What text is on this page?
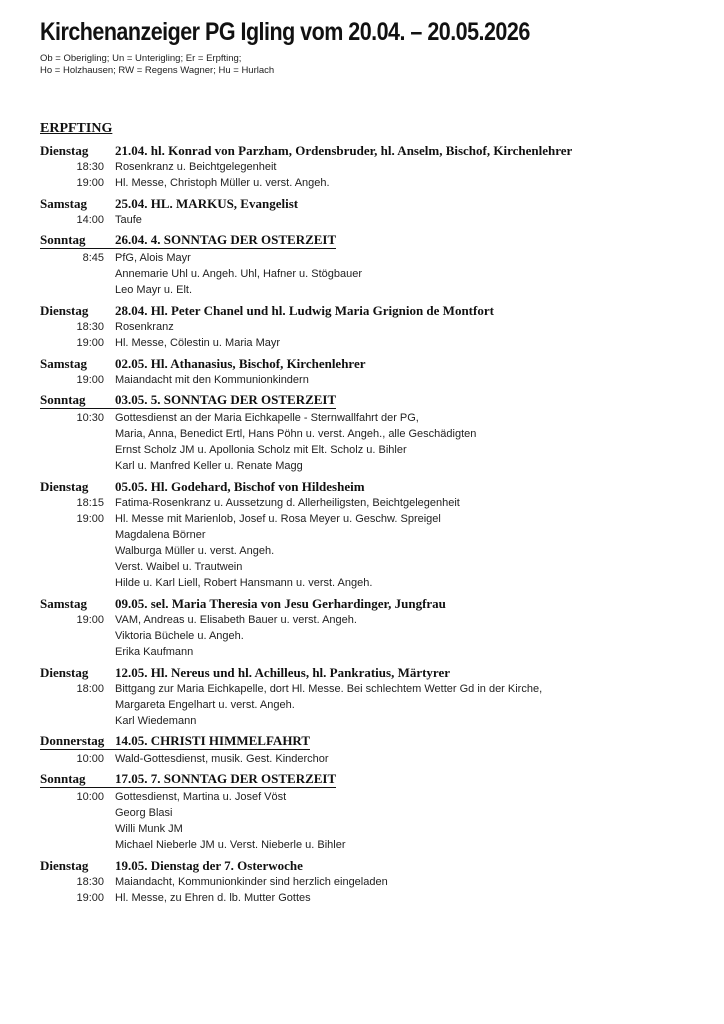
Kirchenanzeiger PG Igling vom 20.04. – 20.05.2026
Ob = Oberigling; Un = Unterigling; Er = Erpfting;
Ho = Holzhausen; RW = Regens Wagner; Hu = Hurlach
ERPFTING
Dienstag 21.04. hl. Konrad von Parzham, Ordensbruder, hl. Anselm, Bischof, Kirchenlehrer
18:30	Rosenkranz u. Beichtgelegenheit
19:00	Hl. Messe, Christoph Müller u. verst. Angeh.
Samstag 25.04. HL. MARKUS, Evangelist
14:00	Taufe
Sonntag 26.04. 4. SONNTAG DER OSTERZEIT
8:45	PfG, Alois Mayr
Annemarie Uhl u. Angeh. Uhl, Hafner u. Stögbauer
Leo Mayr u. Elt.
Dienstag 28.04. Hl. Peter Chanel und hl. Ludwig Maria Grignion de Montfort
18:30	Rosenkranz
19:00	Hl. Messe, Cölestin u. Maria Mayr
Samstag 02.05. Hl. Athanasius, Bischof, Kirchenlehrer
19:00	Maiandacht mit den Kommunionkindern
Sonntag 03.05. 5. SONNTAG DER OSTERZEIT
10:30	Gottesdienst an der Maria Eichkapelle - Sternwallfahrt der PG,
Maria, Anna, Benedict Ertl, Hans Pöhn u. verst. Angeh., alle Geschädigten
Ernst Scholz JM u. Apollonia Scholz mit Elt. Scholz u. Bihler
Karl u. Manfred Keller u. Renate Magg
Dienstag 05.05. Hl. Godehard, Bischof von Hildesheim
18:15	Fatima-Rosenkranz u. Aussetzung d. Allerheiligsten, Beichtgelegenheit
19:00	Hl. Messe mit Marienlob, Josef u. Rosa Meyer u. Geschw. Spreigel
Magdalena Börner
Walburga Müller u. verst. Angeh.
Verst. Waibel u. Trautwein
Hilde u. Karl Liell, Robert Hansmann u. verst. Angeh.
Samstag 09.05. sel. Maria Theresia von Jesu Gerhardinger, Jungfrau
19:00	VAM, Andreas u. Elisabeth Bauer u. verst. Angeh.
Viktoria Büchele u. Angeh.
Erika Kaufmann
Dienstag 12.05. Hl. Nereus und hl. Achilleus, hl. Pankratius, Märtyrer
18:00	Bittgang zur Maria Eichkapelle, dort Hl. Messe. Bei schlechtem Wetter Gd in der Kirche,
Margareta Engelhart u. verst. Angeh.
Karl Wiedemann
Donnerstag 14.05. CHRISTI HIMMELFAHRT
10:00	Wald-Gottesdienst, musik. Gest. Kinderchor
Sonntag 17.05. 7. SONNTAG DER OSTERZEIT
10:00	Gottesdienst, Martina u. Josef Vöst
Georg Blasi
Willi Munk JM
Michael Nieberle JM u. Verst. Nieberle u. Bihler
Dienstag 19.05. Dienstag der 7. Osterwoche
18:30	Maiandacht, Kommunionkinder sind herzlich eingeladen
19:00	Hl. Messe, zu Ehren d. lb. Mutter Gottes
